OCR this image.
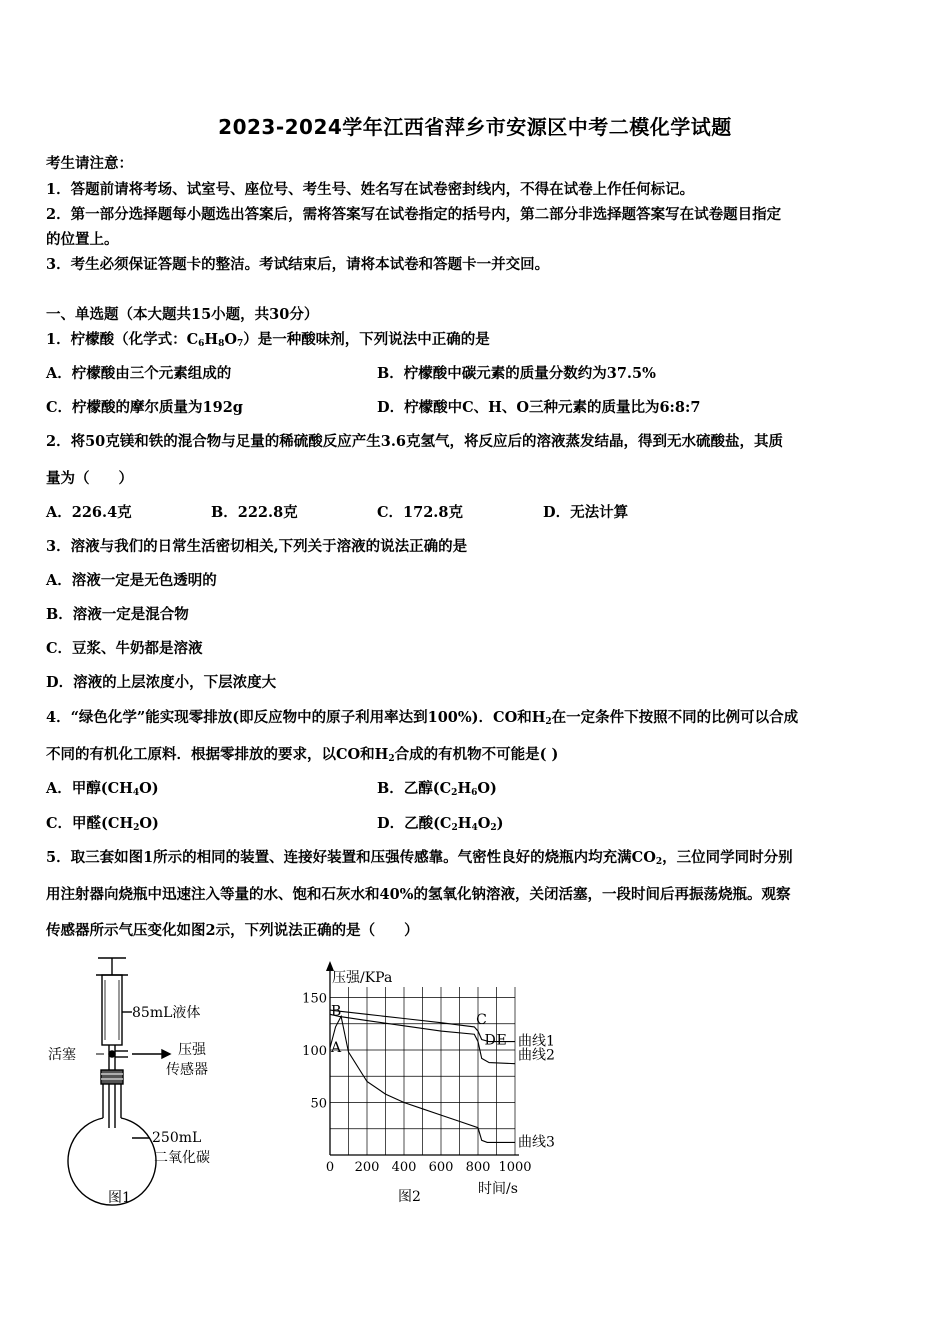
2023-2024学年江西省萍乡市安源区中考二模化学试题
考生请注意：
1．答题前请将考场、试室号、座位号、考生号、姓名写在试卷密封线内，不得在试卷上作任何标记。
2．第一部分选择题每小题选出答案后，需将答案写在试卷指定的括号内，第二部分非选择题答案写在试卷题目指定
的位置上。
3．考生必须保证答题卡的整洁。考试结束后，请将本试卷和答题卡一并交回。
一、单选题（本大题共15小题，共30分）
1．柠檬酸（化学式：$C_6H_8O_7$）是一种酸味剂，下列说法中正确的是
A．柠檬酸由三个元素组成的	B．柠檬酸中碳元素的质量分数约为37.5%
C．柠檬酸的摩尔质量为192g	D．柠檬酸中C、H、O三种元素的质量比为6:8:7
2．将50克镁和铁的混合物与足量的稀硫酸反应产生3.6克氢气，将反应后的溶液蒸发结晶，得到无水硫酸盐，其质
量为（　　）
A．226.4克	B．222.8克	C．172.8克	D．无法计算
3．溶液与我们的日常生活密切相关,下列关于溶液的说法正确的是
A．溶液一定是无色透明的
B．溶液一定是混合物
C．豆浆、牛奶都是溶液
D．溶液的上层浓度小，下层浓度大
4．“绿色化学”能实现零排放(即反应物中的原子利用率达到100%)．CO和$H_2$在一定条件下按照不同的比例可以合成
不同的有机化工原料．根据零排放的要求，以CO和$H_2$合成的有机物不可能是( )
A．甲醇$(CH_4O)$	B．乙醇$(C_2H_6O)$
C．甲醛$(CH_2O)$	D．乙酸$(C_2H_4O_2)$
5．取三套如图1所示的相同的装置、连接好装置和压强传感靠。气密性良好的烧瓶内均充满$CO_2$，三位同学同时分别
用注射器向烧瓶中迅速注入等量的水、饱和石灰水和40%的氢氧化钠溶液，关闭活塞，一段时间后再振荡烧瓶。观察
传感器所示气压变化如图2示，下列说法正确的是（　　）
85mL液体
活塞	压强
传感器
250mL
二氧化碳
图1
压强/KPa
时间/s
图2
0 200 400 600 800 1000
50
100
150
曲线1
曲线2
曲线3
A
B
C
D E
